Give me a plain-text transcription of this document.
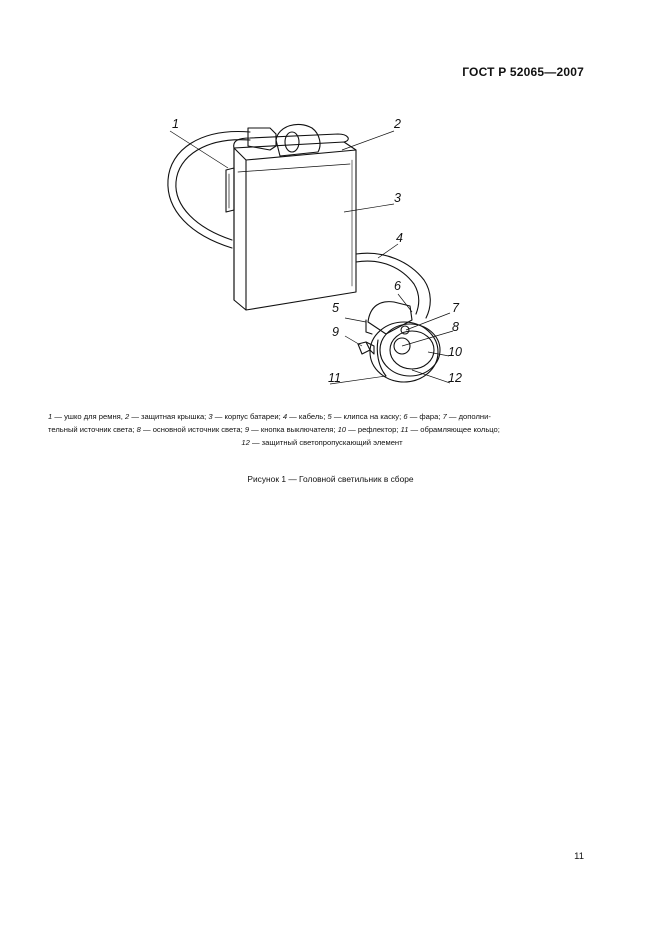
ГОСТ Р 52065—2007
1	2
3
4
5
6
7
8
9
10
11	12
1 — ушко для ремня, 2 — защитная крышка; 3 — корпус батареи; 4 — кабель; 5 — клипса на каску; 6 — фара; 7 — дополни-
тельный источник света; 8 — основной источник света; 9 — кнопка выключателя; 10 — рефлектор; 11 — обрамляющее кольцо;
12 — защитный светопропускающий элемент
Рисунок 1 — Головной светильник в сборе
11
